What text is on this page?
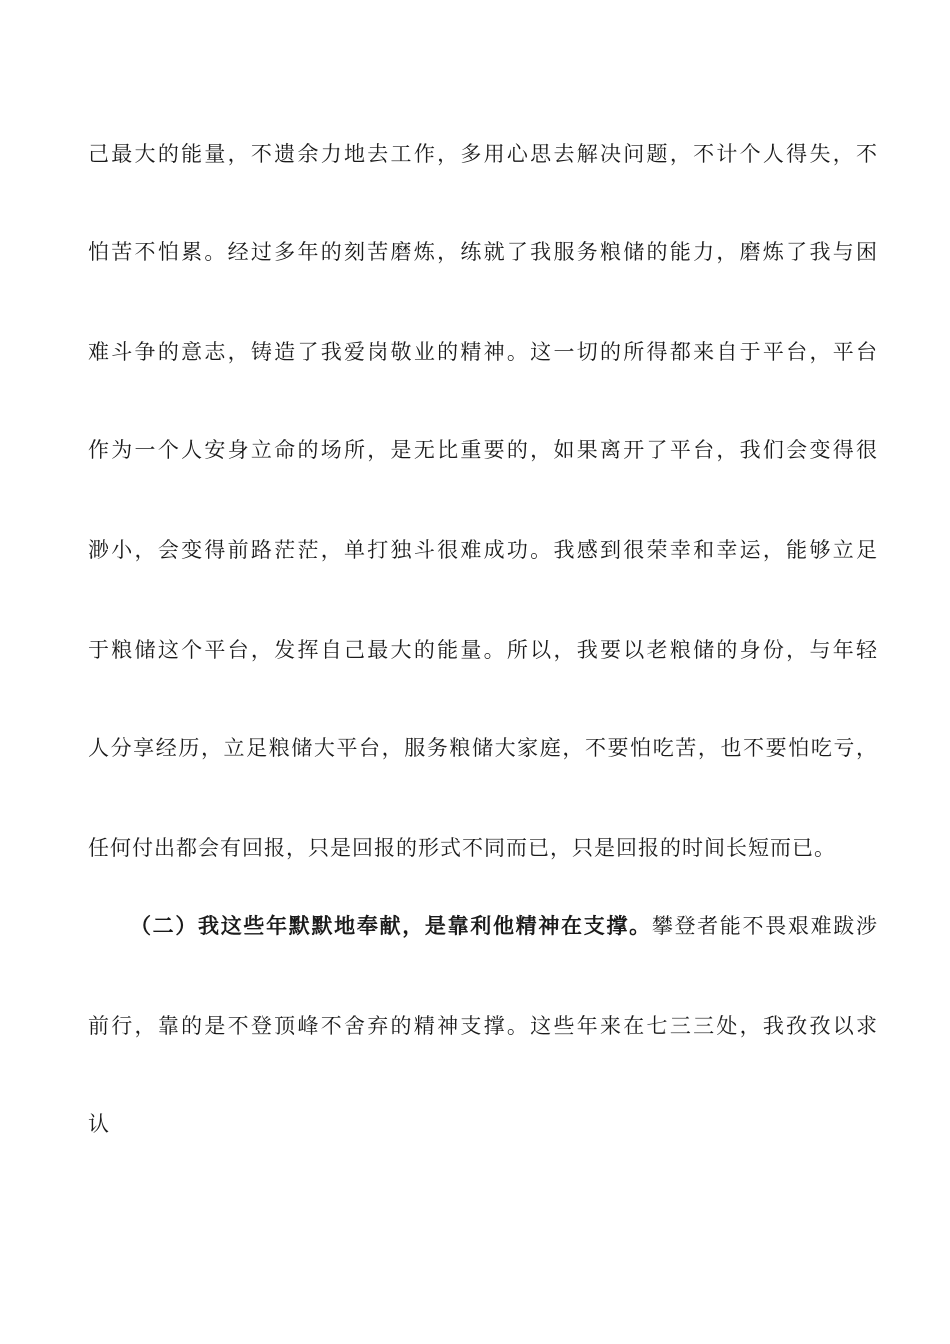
己最大的能量，不遗余力地去工作，多用心思去解决问题，不计个人得失，不
怕苦不怕累。经过多年的刻苦磨炼，练就了我服务粮储的能力，磨炼了我与困
难斗争的意志，铸造了我爱岗敬业的精神。这一切的所得都来自于平台，平台
作为一个人安身立命的场所，是无比重要的，如果离开了平台，我们会变得很
渺小，会变得前路茫茫，单打独斗很难成功。我感到很荣幸和幸运，能够立足
于粮储这个平台，发挥自己最大的能量。所以，我要以老粮储的身份，与年轻
人分享经历，立足粮储大平台，服务粮储大家庭，不要怕吃苦，也不要怕吃亏，
任何付出都会有回报，只是回报的形式不同而已，只是回报的时间长短而已。
（二）我这些年默默地奉献，是靠利他精神在支撑。攀登者能不畏艰难跋涉
前行，靠的是不登顶峰不舍弃的精神支撑。这些年来在七三三处，我孜孜以求
认
